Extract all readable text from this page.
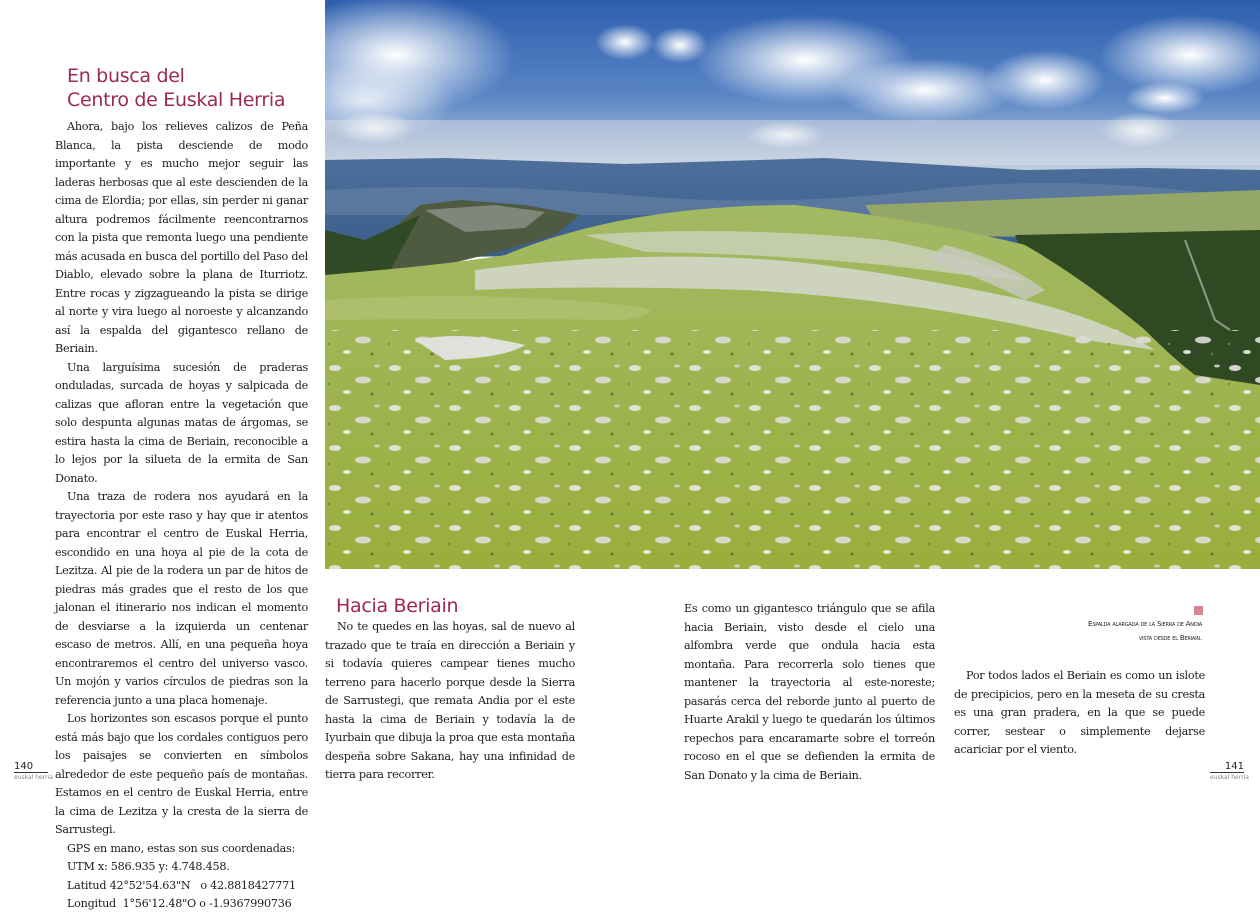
En busca del
Centro de Euskal Herria

Ahora, bajo los relieves calizos de Peña Blanca, la pista desciende de modo importante y es mucho mejor seguir las laderas herbosas que al este descienden de la cima de Elordia; por ellas, sin perder ni ganar altura podremos fácilmente reencontrarnos con la pista que remonta luego una pendiente más acusada en busca del portillo del Paso del Diablo, elevado sobre la plana de Iturriotz. Entre rocas y zigzagueando la pista se dirige al norte y vira luego al noroeste y alcanzando así la espalda del gigantesco rellano de Beriain.

Una larguísima sucesión de praderas onduladas, surcada de hoyas y salpicada de calizas que afloran entre la vegetación que solo despunta algunas matas de árgomas, se estira hasta la cima de Beriain, reconocible a lo lejos por la silueta de la ermita de San Donato.

Una traza de rodera nos ayudará en la trayectoria por este raso y hay que ir atentos para encontrar el centro de Euskal Herria, escondido en una hoya al pie de la cota de Lezitza. Al pie de la rodera un par de hitos de piedras más grades que el resto de los que jalonan el itinerario nos indican el momento de desviarse a la izquierda un centenar escaso de metros. Allí, en una pequeña hoya encontraremos el centro del universo vasco. Un mojón y varios círculos de piedras son la referencia junto a una placa homenaje.

Los horizontes son escasos porque el punto está más bajo que los cordales contiguos pero los paisajes se convierten en símbolos alrededor de este pequeño país de montañas. Estamos en el centro de Euskal Herria, entre la cima de Lezitza y la cresta de la sierra de Sarrustegi.

GPS en mano, estas son sus coordenadas:

UTM x: 586.935 y: 4.748.458.

Latitud 42°52'54.63"N   o 42.8818427771

Longitud  1°56'12.48"O o -1.9367990736

140
euskal herria
Hacia Beriain

No te quedes en las hoyas, sal de nuevo al trazado que te traía en dirección a Beriain y si todavía quieres campear tienes mucho terreno para hacerlo porque desde la Sierra de Sarrustegi, que remata Andia por el este hasta la cima de Beriain y todavía la de Iyurbain que dibuja la proa que esta montaña despeña sobre Sakana, hay una infinidad de tierra para recorrer.

Es como un gigantesco triángulo que se afila hacia Beriain, visto desde el cielo una alfombra verde que ondula hacia esta montaña. Para recorrerla solo tienes que mantener la trayectoria al este-noreste; pasarás cerca del reborde junto al puerto de Huarte Arakil y luego te quedarán los últimos repechos para encaramarte sobre el torreón rocoso en el que se defienden la ermita de San Donato y la cima de Beriain.

Espalda alargada de la Sierra de Andia
vista desde el Beriain.

Por todos lados el Beriain es como un islote de precipicios, pero en la meseta de su cresta es una gran pradera, en la que se puede correr, sestear o simplemente dejarse acariciar por el viento.

141
euskal herria
